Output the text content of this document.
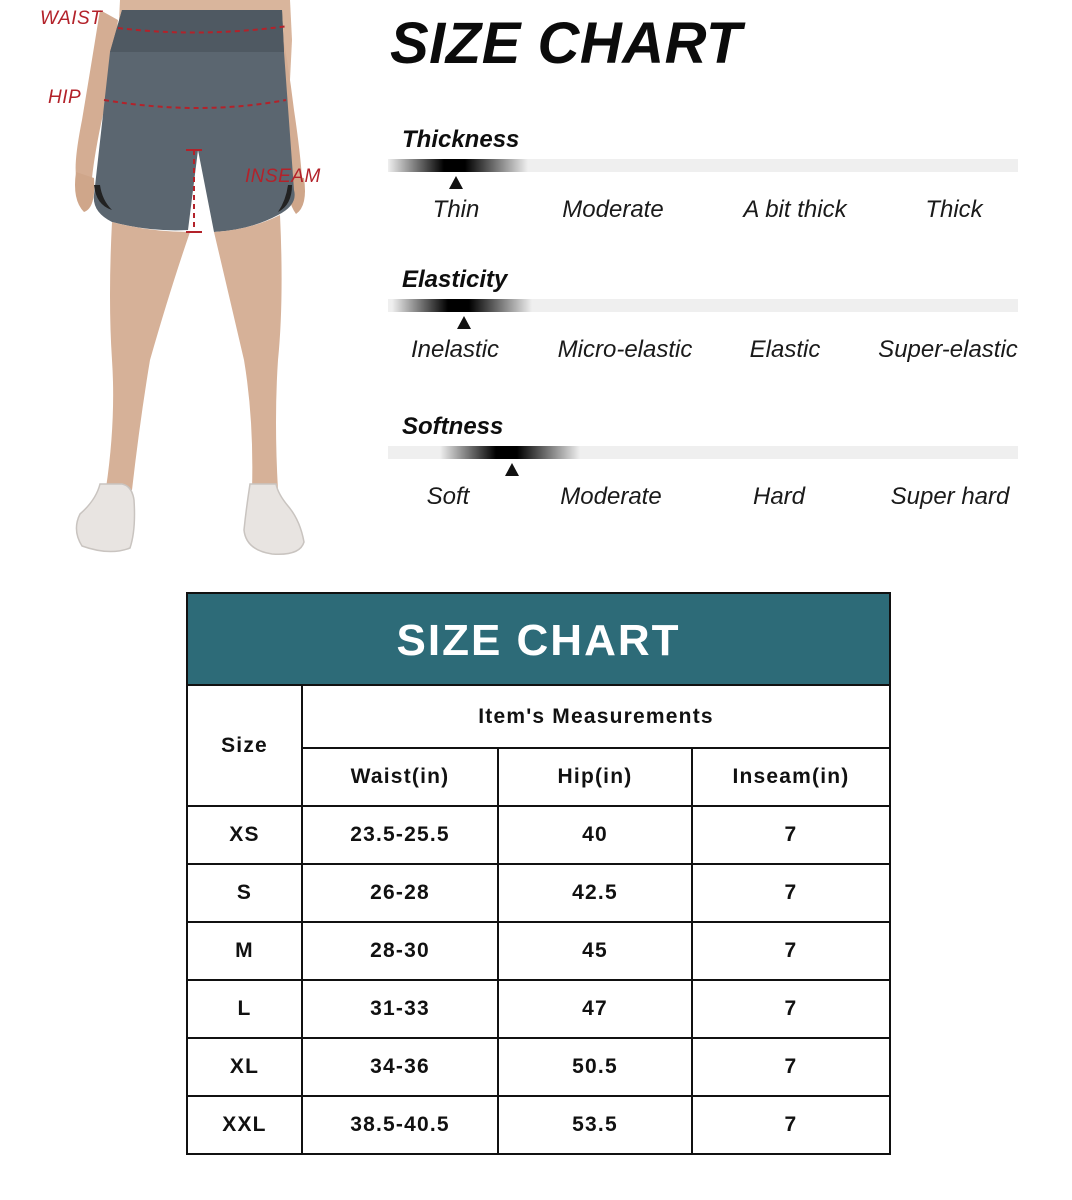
WAIST
HIP
INSEAM
SIZE CHART
Thickness
Thin	Moderate	A bit thick	Thick
Elasticity
Inelastic Micro-elastic Elastic Super-elastic
Softness
Soft	Moderate	Hard	Super hard
SIZE CHART			
Size	Item's Measurements		
	Waist(in)	Hip(in)	Inseam(in)
XS	23.5-25.5	40	7
S	26-28	42.5	7
M	28-30	45	7
L	31-33	47	7
XL	34-36	50.5	7
XXL	38.5-40.5	53.5	7
